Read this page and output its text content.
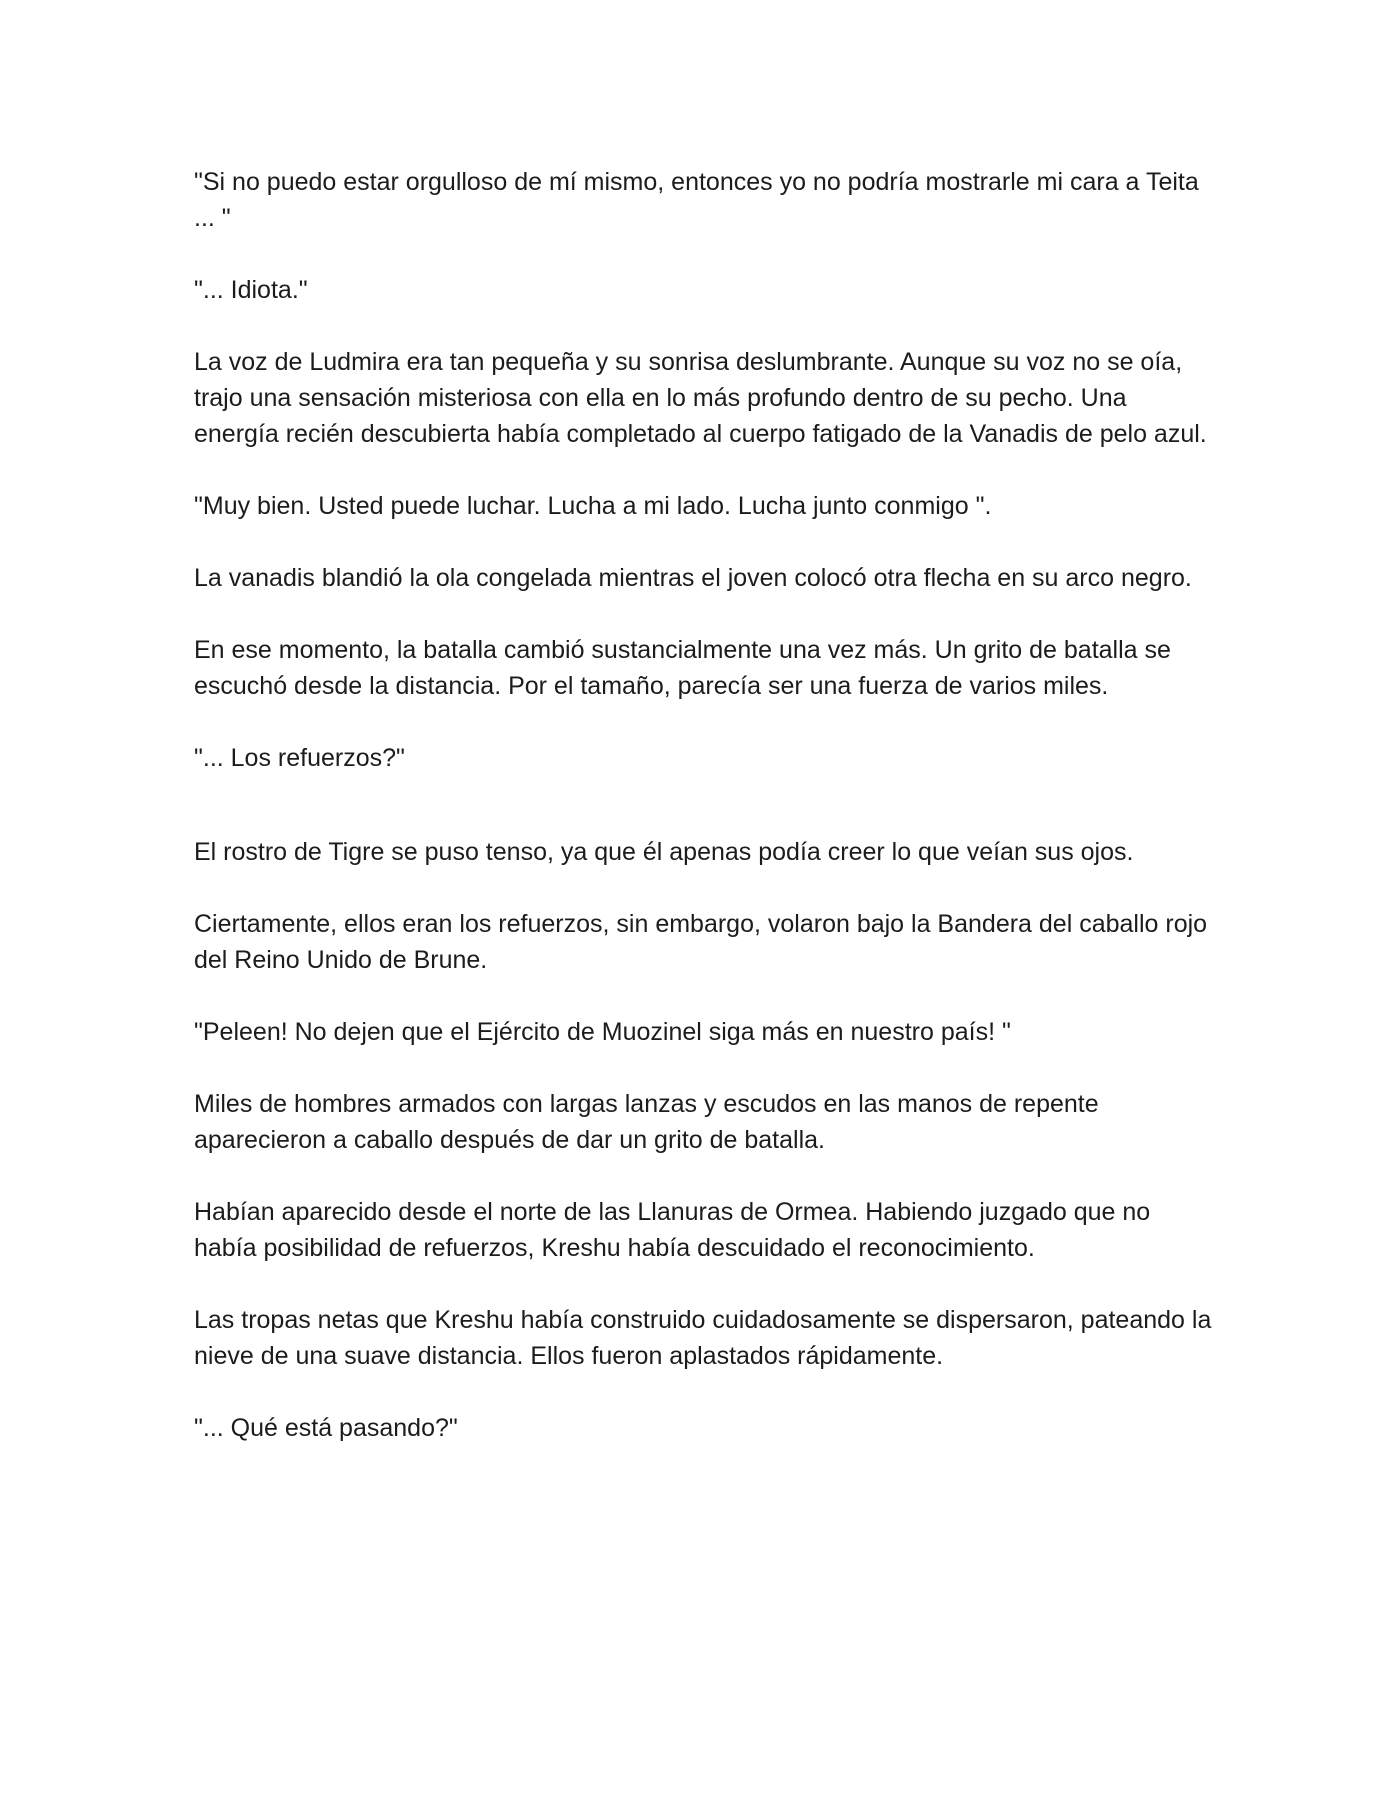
"Si no puedo estar orgulloso de mí mismo, entonces yo no podría mostrarle mi cara a Teita ... "

"... Idiota."

La voz de Ludmira era tan pequeña y su sonrisa deslumbrante. Aunque su voz no se oía, trajo una sensación misteriosa con ella en lo más profundo dentro de su pecho. Una energía recién descubierta había completado al cuerpo fatigado de la Vanadis de pelo azul.

"Muy bien. Usted puede luchar. Lucha a mi lado. Lucha junto conmigo ".

La vanadis blandió la ola congelada mientras el joven colocó otra flecha en su arco negro.

En ese momento, la batalla cambió sustancialmente una vez más. Un grito de batalla se escuchó desde la distancia. Por el tamaño, parecía ser una fuerza de varios miles.

"... Los refuerzos?"

El rostro de Tigre se puso tenso, ya que él apenas podía creer lo que veían sus ojos.

Ciertamente, ellos eran los refuerzos, sin embargo, volaron bajo la Bandera del caballo rojo del Reino Unido de Brune.

"Peleen! No dejen que el Ejército de Muozinel siga más en nuestro país! "

Miles de hombres armados con largas lanzas y escudos en las manos de repente aparecieron a caballo después de dar un grito de batalla.

Habían aparecido desde el norte de las Llanuras de Ormea. Habiendo juzgado que no había posibilidad de refuerzos, Kreshu había descuidado el reconocimiento.

Las tropas netas que Kreshu había construido cuidadosamente se dispersaron, pateando la nieve de una suave distancia. Ellos fueron aplastados rápidamente.

"... Qué está pasando?"
